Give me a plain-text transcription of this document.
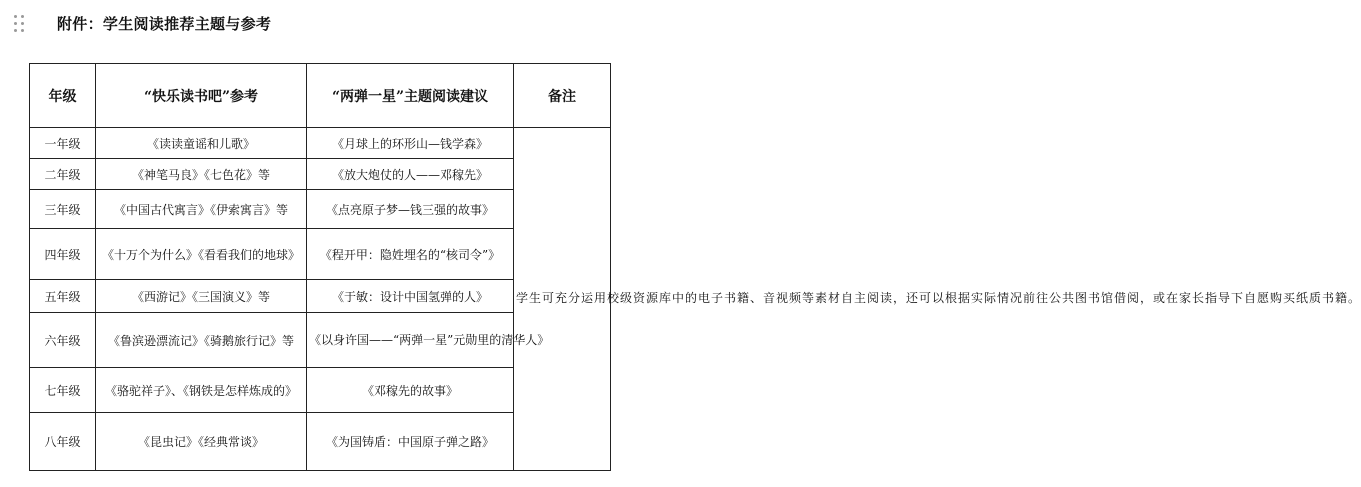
附件：学生阅读推荐主题与参考
年级	“快乐读书吧”参考	“两弹一星”主题阅读建议	备注
一年级	《读读童谣和儿歌》	《月球上的环形山—钱学森》	学生可充分运用校级资源库中的电子书籍、音视频等素材自主阅读，还可以根据实际情况前往公共图书馆借阅，或在家长指导下自愿购买纸质书籍。
二年级	《神笔马良》《七色花》等	《放大炮仗的人——邓稼先》	
三年级	《中国古代寓言》《伊索寓言》等	《点亮原子梦—钱三强的故事》	
四年级	《十万个为什么》《看看我们的地球》	《程开甲：隐姓埋名的“核司令”》	
五年级	《西游记》《三国演义》等	《于敏：设计中国氢弹的人》	
六年级	《鲁滨逊漂流记》《骑鹅旅行记》等	《以身许国——“两弹一星”元勋里的清华人》	
七年级	《骆驼祥子》、《钢铁是怎样炼成的》	《邓稼先的故事》	
八年级	《昆虫记》《经典常谈》	《为国铸盾：中国原子弹之路》	
